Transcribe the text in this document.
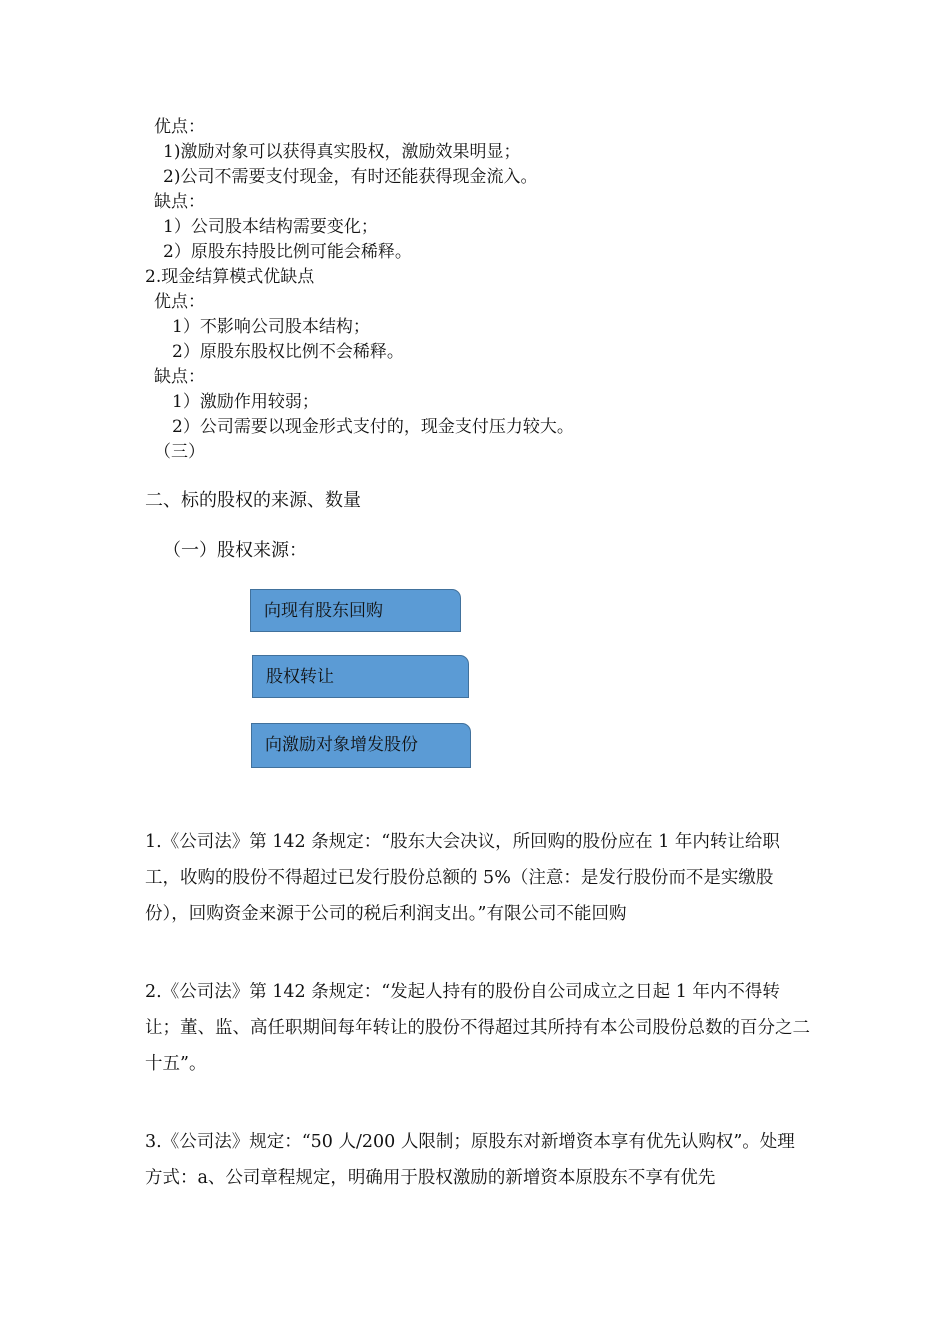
优点：
1)激励对象可以获得真实股权，激励效果明显；
2)公司不需要支付现金，有时还能获得现金流入。
缺点：
1）公司股本结构需要变化；
2）原股东持股比例可能会稀释。
2.现金结算模式优缺点
优点：
1）不影响公司股本结构；
2）原股东股权比例不会稀释。
缺点：
1）激励作用较弱；
2）公司需要以现金形式支付的，现金支付压力较大。
（三）
二、标的股权的来源、数量
（一）股权来源：
向现有股东回购
股权转让
向激励对象增发股份
1.《公司法》第 142 条规定：“股东大会决议，所回购的股份应在 1 年内转让给职工，收购的股份不得超过已发行股份总额的 5%（注意：是发行股份而不是实缴股份），回购资金来源于公司的税后利润支出。”有限公司不能回购
2.《公司法》第 142 条规定：“发起人持有的股份自公司成立之日起 1 年内不得转让；董、监、高任职期间每年转让的股份不得超过其所持有本公司股份总数的百分之二十五”。
3.《公司法》规定：“50 人/200 人限制；原股东对新增资本享有优先认购权”。处理方式：a、公司章程规定，明确用于股权激励的新增资本原股东不享有优先
